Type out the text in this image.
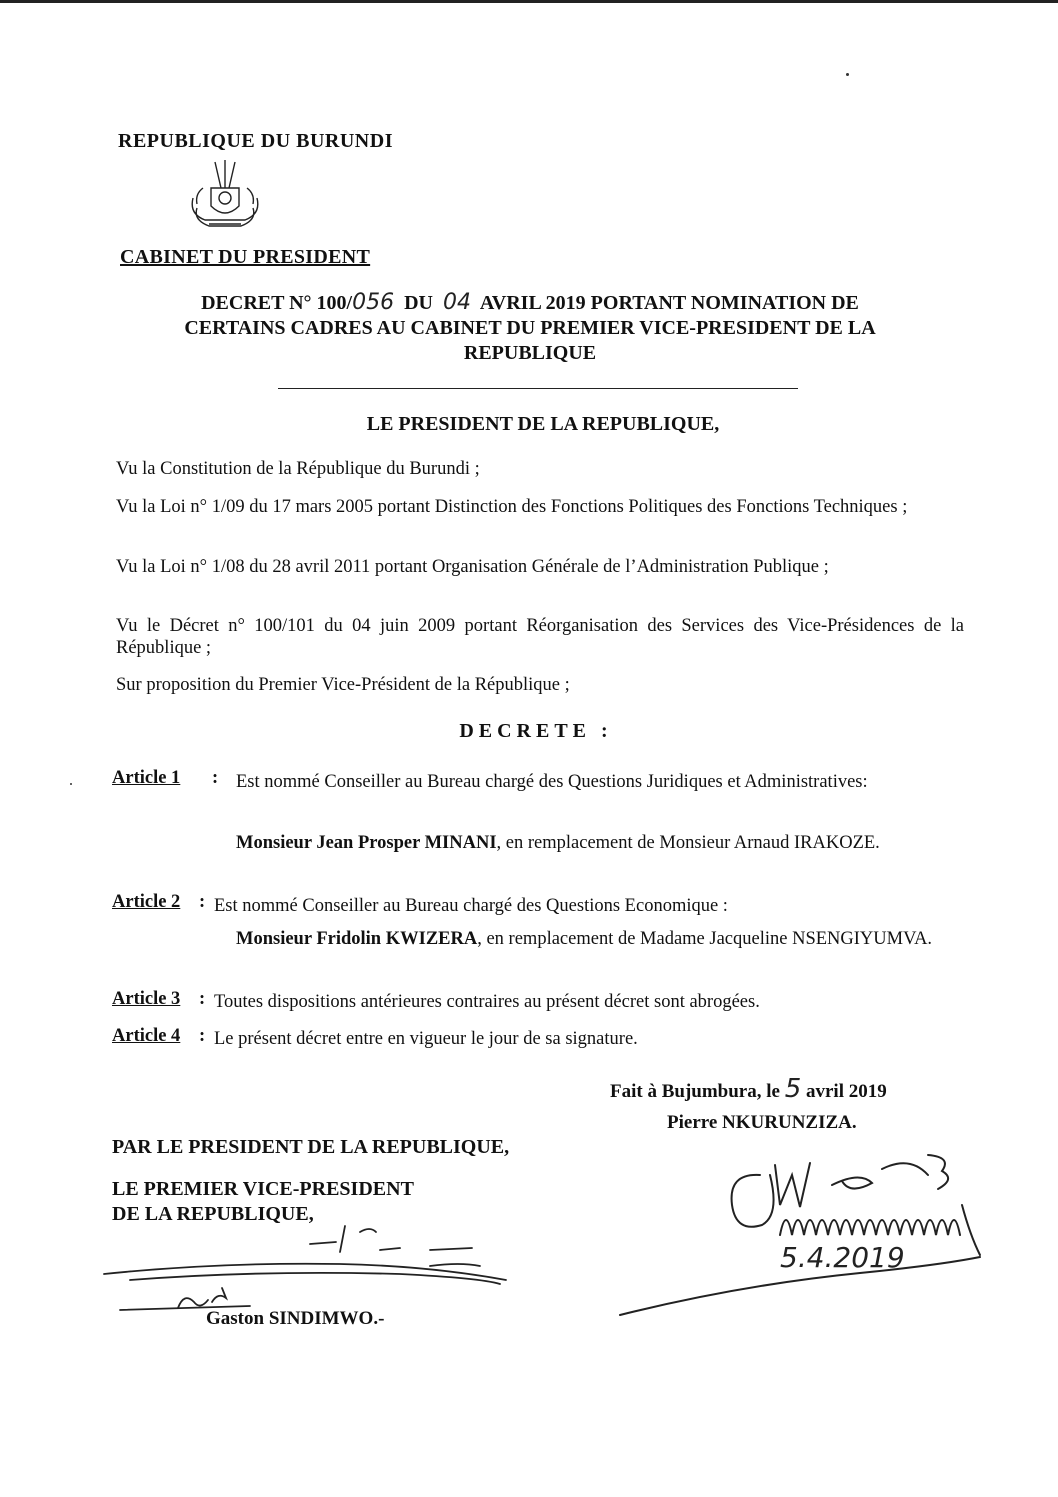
REPUBLIQUE DU BURUNDI
CABINET DU PRESIDENT
DECRET N° 100/056 DU 04 AVRIL 2019 PORTANT NOMINATION DE
CERTAINS CADRES AU CABINET DU PREMIER VICE-PRESIDENT DE LA
REPUBLIQUE
LE PRESIDENT DE LA REPUBLIQUE,
Vu la Constitution de la République du Burundi ;
Vu la Loi n° 1/09 du 17 mars 2005 portant Distinction des Fonctions Politiques des Fonctions Techniques ;
Vu la Loi n° 1/08 du 28 avril 2011 portant Organisation Générale de l’Administration Publique ;
Vu le Décret n° 100/101 du 04 juin 2009 portant Réorganisation des Services des Vice-Présidences de la République ;
Sur proposition du Premier Vice-Président de la République ;
DECRETE :
Article 1 : Est nommé Conseiller au Bureau chargé des Questions Juridiques et Administratives:
Monsieur Jean Prosper MINANI, en remplacement de Monsieur Arnaud IRAKOZE.
Article 2 : Est nommé Conseiller au Bureau chargé des Questions Economique :
Monsieur Fridolin KWIZERA, en remplacement de Madame Jacqueline NSENGIYUMVA.
Article 3 : Toutes dispositions antérieures contraires au présent décret sont abrogées.
Article 4 : Le présent décret entre en vigueur le jour de sa signature.
Fait à Bujumbura, le 5 avril 2019
Pierre NKURUNZIZA.
5.4.2019
PAR LE PRESIDENT DE LA REPUBLIQUE,
LE PREMIER VICE-PRESIDENT
DE LA REPUBLIQUE,
Gaston SINDIMWO.-
